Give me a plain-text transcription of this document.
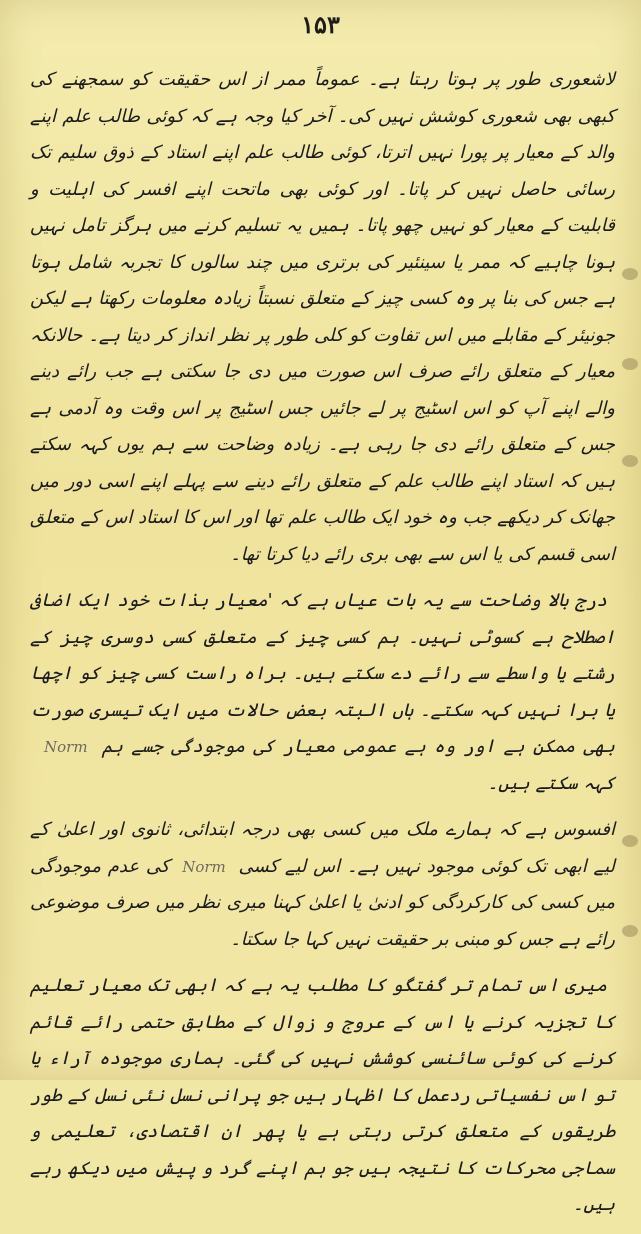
۱۵۳

لاشعوری طور پر ہوتا رہتا ہے۔ عموماً ممر از اس حقیقت کو سمجھنے کی کبھی بھی شعوری کوشش نہیں کی۔ آخر کیا وجہ ہے کہ کوئی طالب علم اپنے والد کے معیار پر پورا نہیں اترتا، کوئی طالب علم اپنے استاد کے ذوق سلیم تک رسائی حاصل نہیں کر پاتا۔ اور کوئی بھی ماتحت اپنے افسر کی اہلیت و قابلیت کے معیار کو نہیں چھو پاتا۔ ہمیں یہ تسلیم کرنے میں ہرگز تامل نہیں ہونا چاہیے کہ ممر یا سینئیر کی برتری میں چند سالوں کا تجربہ شامل ہوتا ہے جس کی بنا پر وہ کسی چیز کے متعلق نسبتاً زیادہ معلومات رکھتا ہے لیکن جونیئر کے مقابلے میں اس تفاوت کو کلی طور پر نظر انداز کر دیتا ہے۔ حالانکہ معیار کے متعلق رائے صرف اس صورت میں دی جا سکتی ہے جب رائے دینے والے اپنے آپ کو اس اسٹیج پر لے جائیں جس اسٹیج پر اس وقت وہ آدمی ہے جس کے متعلق رائے دی جا رہی ہے۔ زیادہ وضاحت سے ہم یوں کہہ سکتے ہیں کہ استاد اپنے طالب علم کے متعلق رائے دینے سے پہلے اپنے اسی دور میں جھانک کر دیکھے جب وہ خود ایک طالب علم تھا اور اس کا استاد اس کے متعلق اسی قسم کی یا اس سے بھی بری رائے دیا کرتا تھا۔

درج بالا وضاحت سے یہ بات عیاں ہے کہ 'معیار بذات خود ایک اضافی اصطلاح ہے کسوٹی نہیں۔ ہم کسی چیز کے متعلق کسی دوسری چیز کے رشتے یا واسطے سے رائے دے سکتے ہیں۔ براہ راست کسی چیز کو اچھا یا برا نہیں کہہ سکتے۔ ہاں البتہ بعض حالات میں ایک تیسری صورت بھی ممکن ہے اور وہ ہے عمومی معیار کی موجودگی جسے ہم Norm کہہ سکتے ہیں۔

افسوس ہے کہ ہمارے ملک میں کسی بھی درجہ ابتدائی، ثانوی اور اعلیٰ کے لیے ابھی تک کوئی موجود نہیں ہے۔ اس لیے کسی Norm کی عدم موجودگی میں کسی کی کارکردگی کو ادنیٰ یا اعلیٰ کہنا میری نظر میں صرف موضوعی رائے ہے جس کو مبنی بر حقیقت نہیں کہا جا سکتا۔

میری اس تمام تر گفتگو کا مطلب یہ ہے کہ ابھی تک معیار تعلیم کا تجزیہ کرنے یا اس کے عروج و زوال کے مطابق حتمی رائے قائم کرنے کی کوئی سائنسی کوشش نہیں کی گئی۔ ہماری موجودہ آراء یا تو اس نفسیاتی ردعمل کا اظہار ہیں جو پرانی نسل نئی نسل کے طور طریقوں کے متعلق کرتی رہتی ہے یا پھر ان اقتصادی، تعلیمی و سماجی محرکات کا نتیجہ ہیں جو ہم اپنے گرد و پیش میں دیکھ رہے ہیں۔
